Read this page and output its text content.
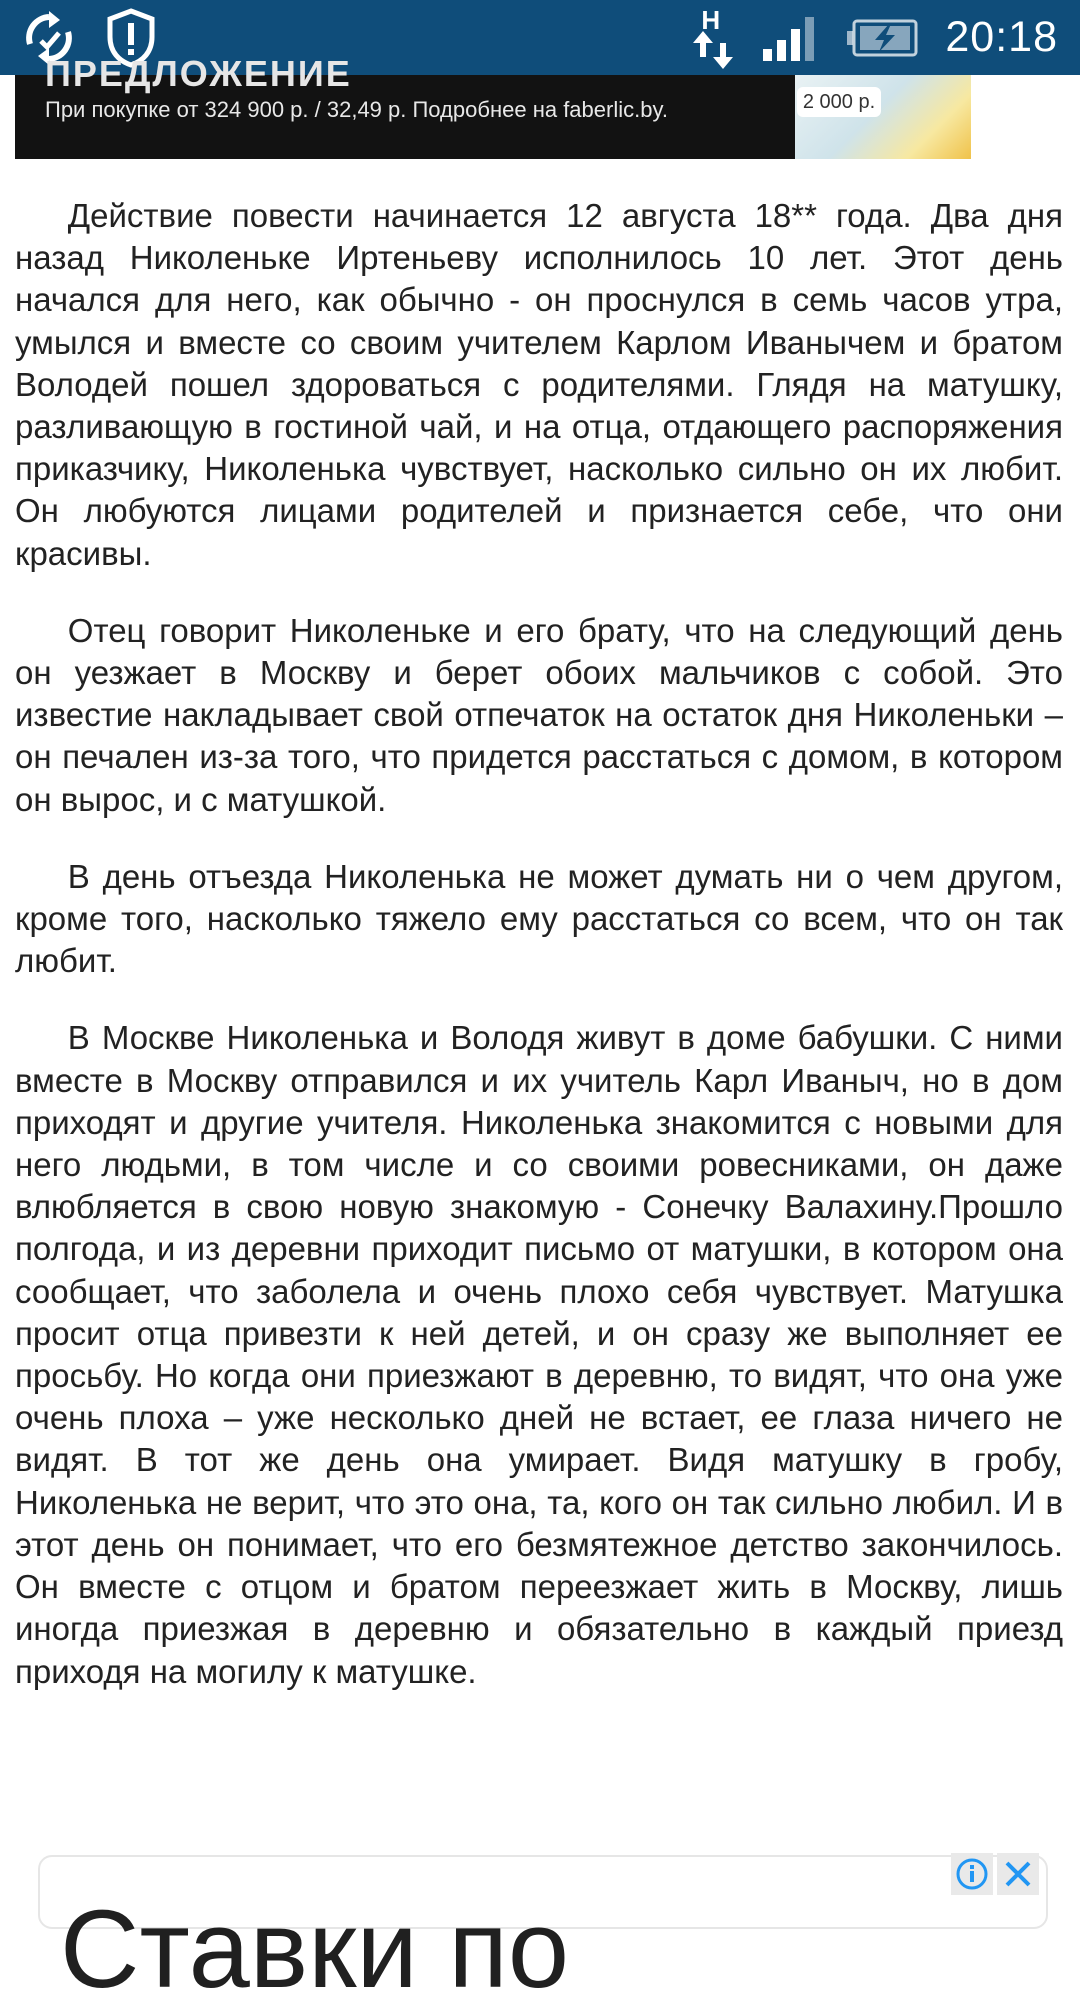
H	20:18
ПРЕДЛОЖЕНИЕ
При покупке от 324 900 р. / 32,49 р. Подробнее на faberlic.by.	2 000 р.

Действие повести начинается 12 августа 18** года. Два дня назад Николеньке Иртеньеву исполнилось 10 лет. Этот день начался для него, как обычно - он проснулся в семь часов утра, умылся и вместе со своим учителем Карлом Иванычем и братом Володей пошел здороваться с родителями. Глядя на матушку, разливающую в гостиной чай, и на отца, отдающего распоряжения приказчику, Николенька чувствует, насколько сильно он их любит. Он любуются лицами родителей и признается себе, что они красивы.

Отец говорит Николеньке и его брату, что на следующий день он уезжает в Москву и берет обоих мальчиков с собой. Это известие накладывает свой отпечаток на остаток дня Николеньки – он печален из-за того, что придется расстаться с домом, в котором он вырос, и с матушкой.

В день отъезда Николенька не может думать ни о чем другом, кроме того, насколько тяжело ему расстаться со всем, что он так любит.

В Москве Николенька и Володя живут в доме бабушки. С ними вместе в Москву отправился и их учитель Карл Иваныч, но в дом приходят и другие учителя. Николенька знакомится с новыми для него людьми, в том числе и со своими ровесниками, он даже влюбляется в свою новую знакомую - Сонечку Валахину.Прошло полгода, и из деревни приходит письмо от матушки, в котором она сообщает, что заболела и очень плохо себя чувствует. Матушка просит отца привезти к ней детей, и он сразу же выполняет ее просьбу. Но когда они приезжают в деревню, то видят, что она уже очень плоха – уже несколько дней не встает, ее глаза ничего не видят. В тот же день она умирает. Видя матушку в гробу, Николенька не верит, что это она, та, кого он так сильно любил. И в этот день он понимает, что его безмятежное детство закончилось. Он вместе с отцом и братом переезжает жить в Москву, лишь иногда приезжая в деревню и обязательно в каждый приезд приходя на могилу к матушке.

Ставки по
